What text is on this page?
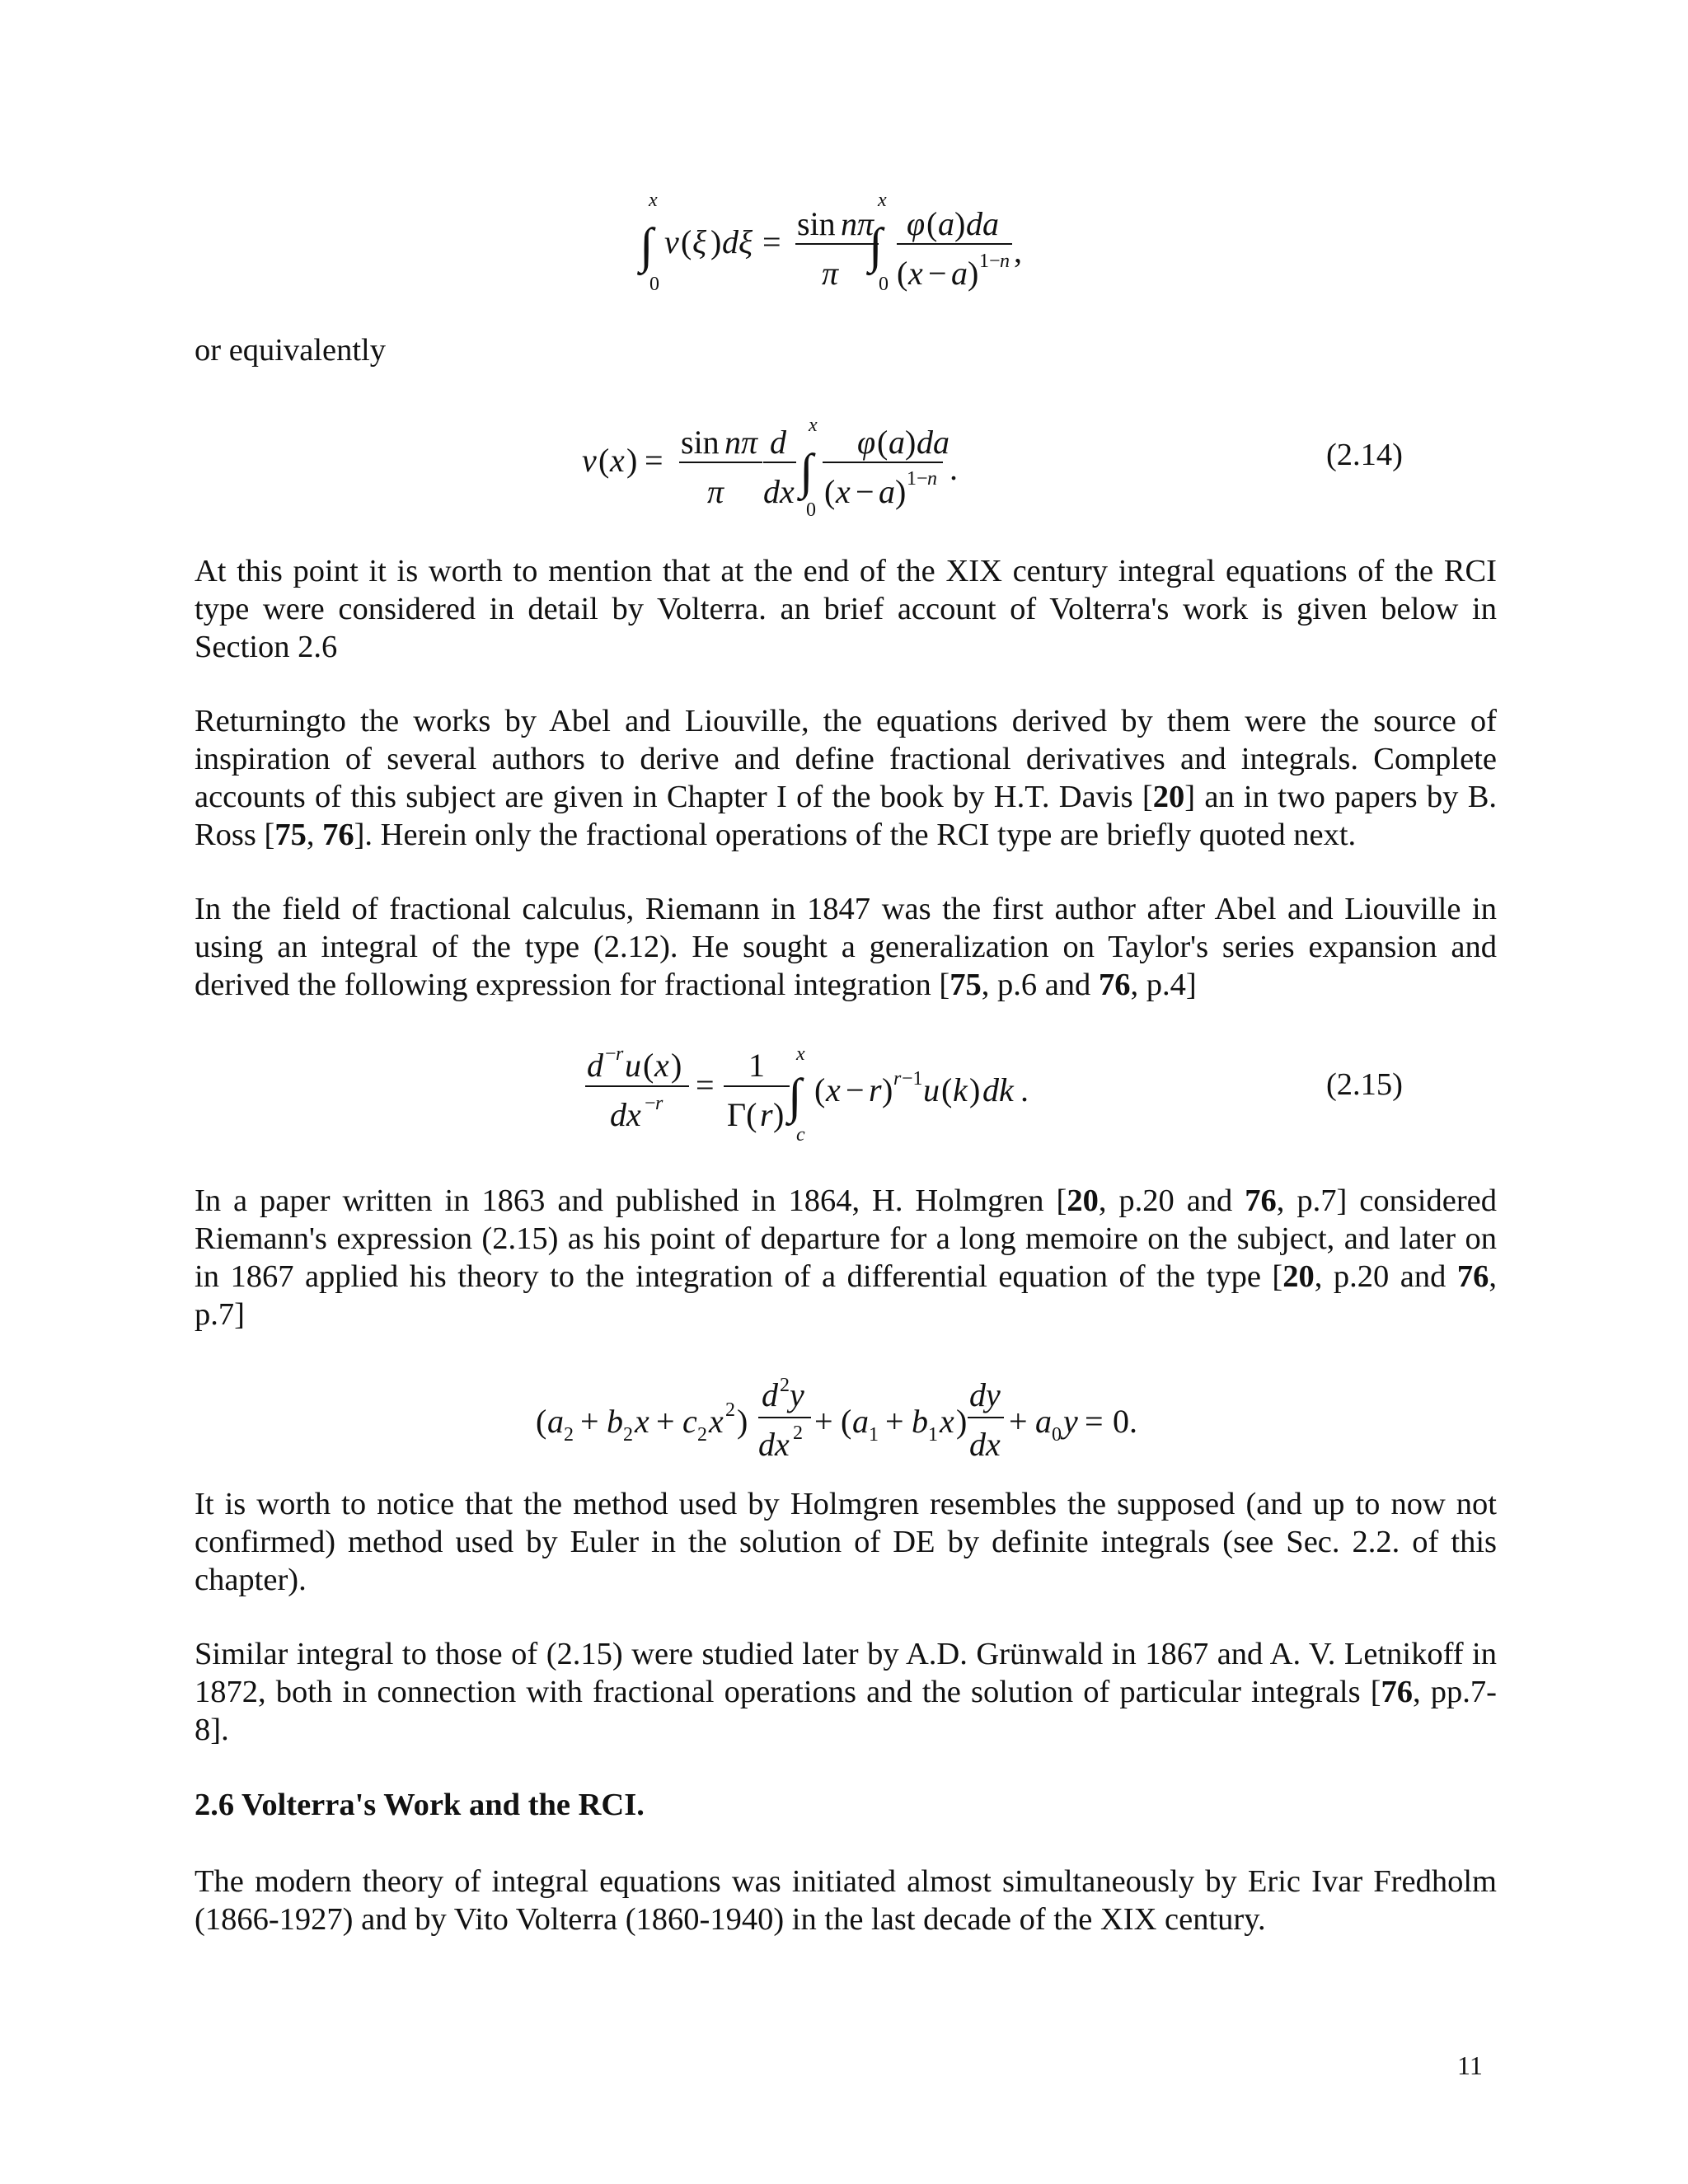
x
∫
0
v ( ξ ) dξ = sin nπ
π
x
∫
0
φ ( a ) da
( x − a ) 1− n ,
v ( x ) = sin nπ
π
d
dx
x
∫
0
φ ( a ) da
( x − a ) 1− n .
d − r u ( x )
dx − r =
1
Γ( r )
x
∫
c
( x − r ) r −1 u ( k ) dk .
( a 2 + b 2 x + c 2 x 2 )
d 2 y
dx 2 + ( a 1 + b 1 x )
dy
dx
+ a 0 y = 0.

or equivalently

(2.14)

At this point it is worth to mention that at the end of the XIX century integral equations of the RCI type were considered in detail by Volterra. an brief account of Volterra's work is given below in Section 2.6

Returningto the works by Abel and Liouville, the equations derived by them were the source of inspiration of several authors to derive and define fractional derivatives and integrals. Complete accounts of this subject are given in Chapter I of the book by H.T. Davis [20] an in two papers by B. Ross [75, 76]. Herein only the fractional operations of the RCI type are briefly quoted next.

In the field of fractional calculus, Riemann in 1847 was the first author after Abel and Liouville in using an integral of the type (2.12). He sought a generalization on Taylor's series expansion and derived the following expression for fractional integration [75, p.6 and 76, p.4]

(2.15)

In a paper written in 1863 and published in 1864, H. Holmgren [20, p.20 and 76, p.7] considered Riemann's expression (2.15) as his point of departure for a long memoire on the subject, and later on in 1867 applied his theory to the integration of a differential equation of the type [20, p.20 and 76, p.7]

It is worth to notice that the method used by Holmgren resembles the supposed (and up to now not confirmed) method used by Euler in the solution of DE by definite integrals (see Sec. 2.2. of this chapter).

Similar integral to those of (2.15) were studied later by A.D. Grünwald in 1867 and A. V. Letnikoff in 1872, both in connection with fractional operations and the solution of particular integrals [76, pp.7-8].

2.6 Volterra's Work and the RCI.

The modern theory of integral equations was initiated almost simultaneously by Eric Ivar Fredholm (1866-1927) and by Vito Volterra (1860-1940) in the last decade of the XIX century.

11
